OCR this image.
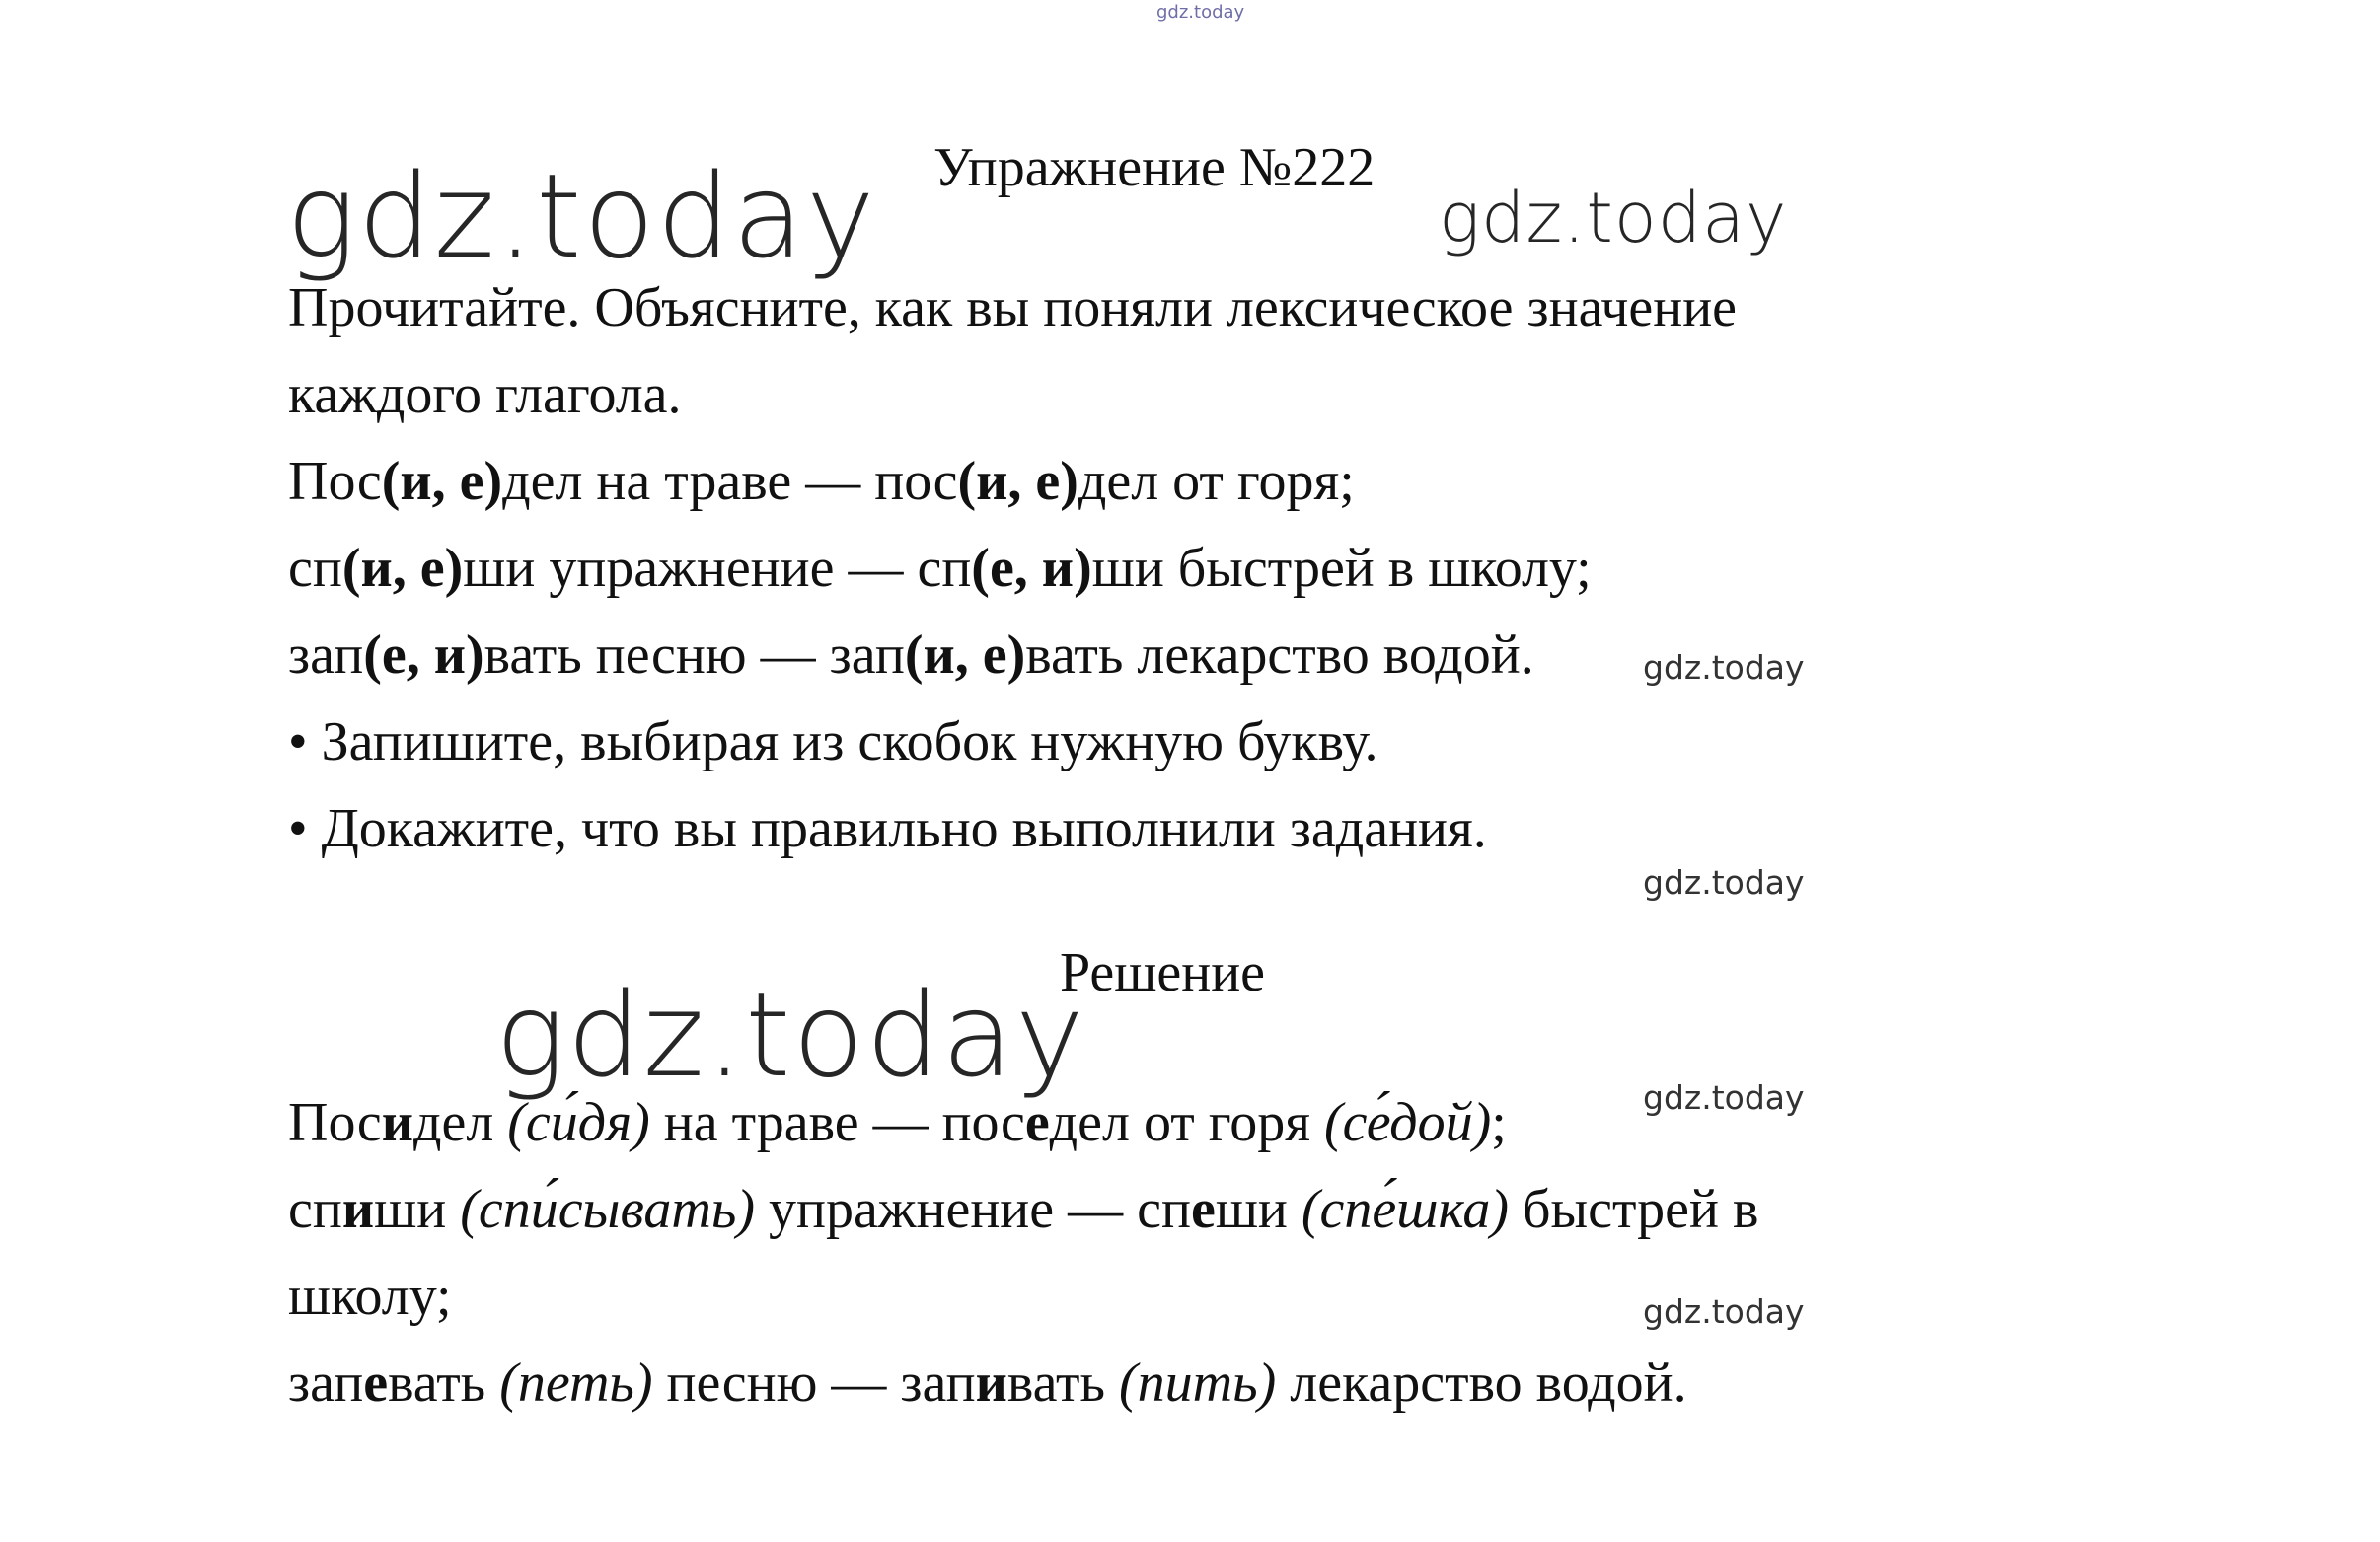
gdz.today
Упражнение №222
gdz.today	gdz.today
Прочитайте. Объясните, как вы поняли лексическое значение
каждого глагола.
Пос(и, е)дел на траве — пос(и, е)дел от горя;
сп(и, е)ши упражнение — сп(е, и)ши быстрей в школу;
зап(е, и)вать песню — зап(и, е)вать лекарство водой.	gdz.today
• Запишите, выбирая из скобок нужную букву.
• Докажите, что вы правильно выполнили задания.
gdz.today
Решение
gdz.today	gdz.today
Посидел (си́дя) на траве — поседел от горя (се́дой);
спиши (спи́сывать) упражнение — спеши (спе́шка) быстрей в
школу;	gdz.today
запевать (петь) песню — запивать (пить) лекарство водой.
